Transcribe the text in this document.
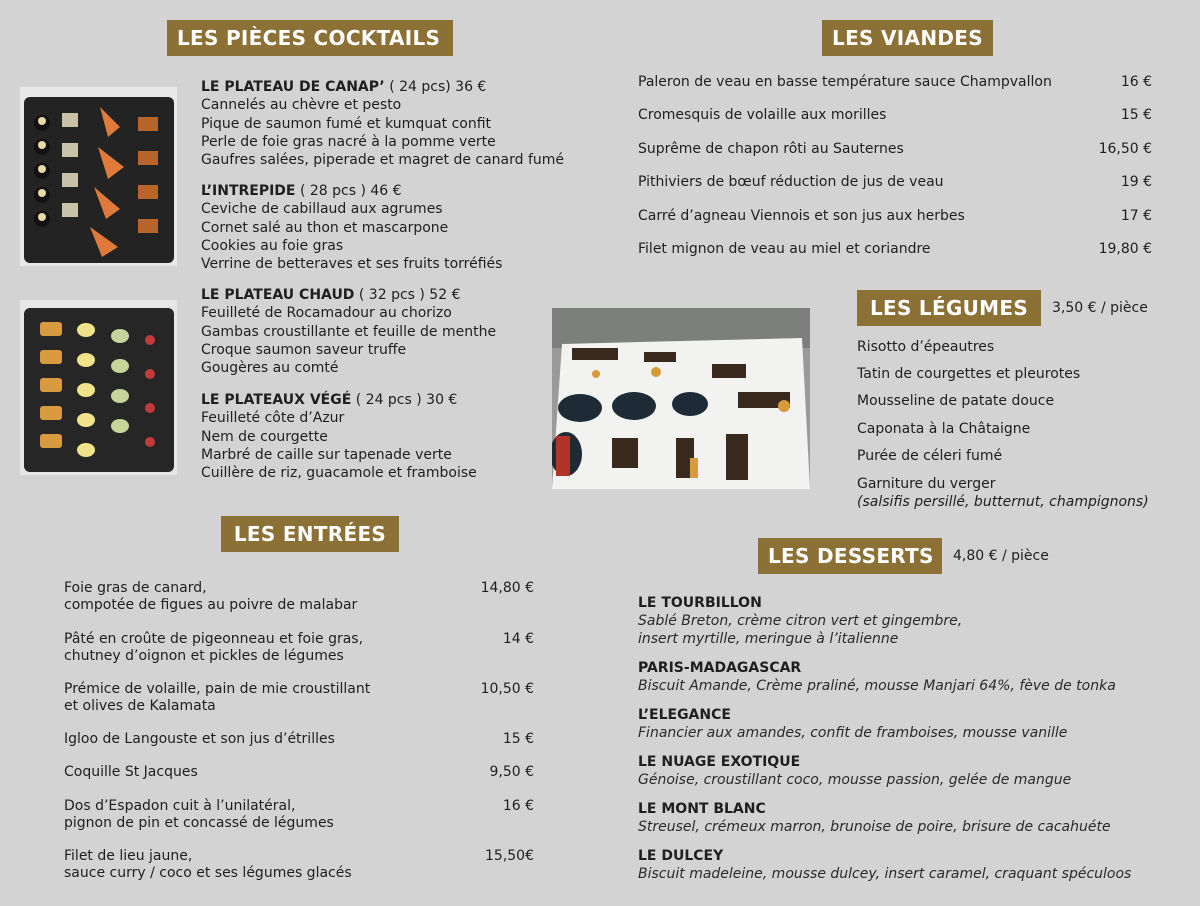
LES PIÈCES COCKTAILS
LE PLATEAU DE CANAP’ ( 24 pcs) 36 €
Cannelés au chèvre et pesto
Pique de saumon fumé et kumquat confit
Perle de foie gras nacré à la pomme verte
Gaufres salées, piperade et magret de canard fumé
L’INTREPIDE ( 28 pcs ) 46 €
Ceviche de cabillaud aux agrumes
Cornet salé au thon et mascarpone
Cookies au foie gras
Verrine de betteraves et ses fruits torréfiés
LE PLATEAU CHAUD ( 32 pcs ) 52 €
Feuilleté de Rocamadour au chorizo
Gambas croustillante et feuille de menthe
Croque saumon saveur truffe
Gougères au comté
LE PLATEAUX VÉGÉ ( 24 pcs ) 30 €
Feuilleté côte d’Azur
Nem de courgette
Marbré de caille sur tapenade verte
Cuillère de riz, guacamole et framboise
LES ENTRÉES
Foie gras de canard,
compotée de figues au poivre de malabar
14,80 €
Pâté en croûte de pigeonneau et foie gras,
chutney d’oignon et pickles de légumes
14 €
Prémice de volaille, pain de mie croustillant
et olives de Kalamata
10,50 €
Igloo de Langouste et son jus d’étrilles	15 €
Coquille St Jacques	9,50 €
Dos d’Espadon cuit à l’unilatéral,
pignon de pin et concassé de légumes
16 €
Filet de lieu jaune,
sauce curry / coco et ses légumes glacés
15,50€
LES VIANDES
Paleron de veau en basse température sauce Champvallon	16 €
Cromesquis de volaille aux morilles	15 €
Suprême de chapon rôti au Sauternes	16,50 €
Pithiviers de bœuf réduction de jus de veau	19 €
Carré d’agneau Viennois et son jus aux herbes	17 €
Filet mignon de veau au miel et coriandre	19,80 €
LES LÉGUMES	3,50 € / pièce
Risotto d’épeautres
Tatin de courgettes et pleurotes
Mousseline de patate douce
Caponata à la Châtaigne
Purée de céleri fumé
Garniture du verger
(salsifis persillé, butternut, champignons)
LES DESSERTS	4,80 € / pièce
LE TOURBILLON
Sablé Breton, crème citron vert et gingembre,
insert myrtille, meringue à l’italienne
PARIS-MADAGASCAR
Biscuit Amande, Crème praliné, mousse Manjari 64%, fève de tonka
L’ELEGANCE
Financier aux amandes, confit de framboises, mousse vanille
LE NUAGE EXOTIQUE
Génoise, croustillant coco, mousse passion, gelée de mangue
LE MONT BLANC
Streusel, crémeux marron, brunoise de poire, brisure de cacahuéte
LE DULCEY
Biscuit madeleine, mousse dulcey, insert caramel, craquant spéculoos
